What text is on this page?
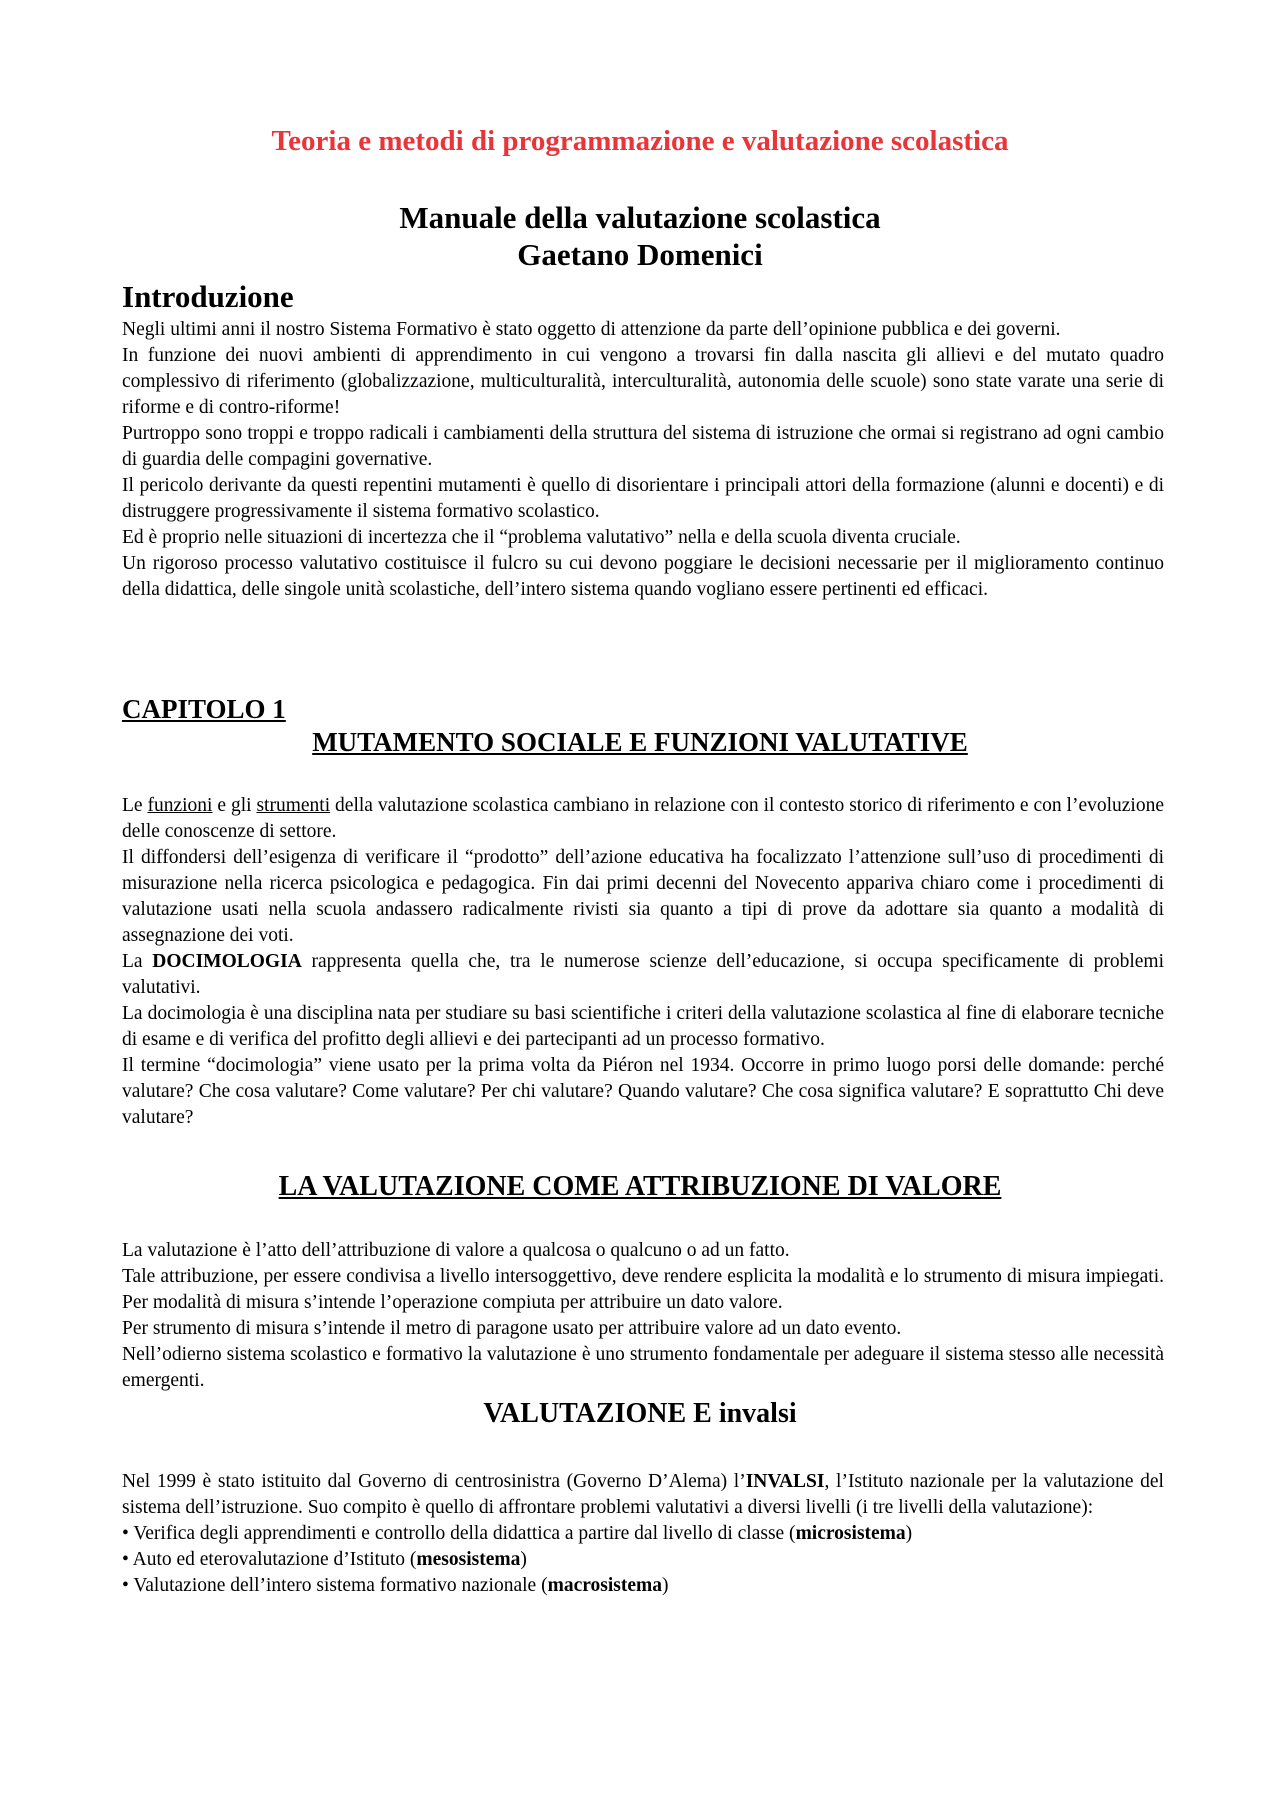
Teoria e metodi di programmazione e valutazione scolastica
Manuale della valutazione scolastica
Gaetano Domenici
Introduzione

Negli ultimi anni il nostro Sistema Formativo è stato oggetto di attenzione da parte dell’opinione pubblica e dei governi.

In funzione dei nuovi ambienti di apprendimento in cui vengono a trovarsi fin dalla nascita gli allievi e del mutato quadro complessivo di riferimento (globalizzazione, multiculturalità, interculturalità, autonomia delle scuole) sono state varate una serie di riforme e di contro-riforme!

Purtroppo sono troppi e troppo radicali i cambiamenti della struttura del sistema di istruzione che ormai si registrano ad ogni cambio di guardia delle compagini governative.

Il pericolo derivante da questi repentini mutamenti è quello di disorientare i principali attori della formazione (alunni e docenti) e di distruggere progressivamente il sistema formativo scolastico.

Ed è proprio nelle situazioni di incertezza che il “problema valutativo” nella e della scuola diventa cruciale.

Un rigoroso processo valutativo costituisce il fulcro su cui devono poggiare le decisioni necessarie per il miglioramento continuo della didattica, delle singole unità scolastiche, dell’intero sistema quando vogliano essere pertinenti ed efficaci.

CAPITOLO 1
MUTAMENTO SOCIALE E FUNZIONI VALUTATIVE

Le funzioni e gli strumenti della valutazione scolastica cambiano in relazione con il contesto storico di riferimento e con l’evoluzione delle conoscenze di settore.

Il diffondersi dell’esigenza di verificare il “prodotto” dell’azione educativa ha focalizzato l’attenzione sull’uso di procedimenti di misurazione nella ricerca psicologica e pedagogica. Fin dai primi decenni del Novecento appariva chiaro come i procedimenti di valutazione usati nella scuola andassero radicalmente rivisti sia quanto a tipi di prove da adottare sia quanto a modalità di assegnazione dei voti.

La DOCIMOLOGIA rappresenta quella che, tra le numerose scienze dell’educazione, si occupa specificamente di problemi valutativi.

La docimologia è una disciplina nata per studiare su basi scientifiche i criteri della valutazione scolastica al fine di elaborare tecniche di esame e di verifica del profitto degli allievi e dei partecipanti ad un processo formativo.

Il termine “docimologia” viene usato per la prima volta da Piéron nel 1934. Occorre in primo luogo porsi delle domande: perché valutare? Che cosa valutare? Come valutare? Per chi valutare? Quando valutare? Che cosa significa valutare? E soprattutto Chi deve valutare?

LA VALUTAZIONE COME ATTRIBUZIONE DI VALORE

La valutazione è l’atto dell’attribuzione di valore a qualcosa o qualcuno o ad un fatto.

Tale attribuzione, per essere condivisa a livello intersoggettivo, deve rendere esplicita la modalità e lo strumento di misura impiegati. Per modalità di misura s’intende l’operazione compiuta per attribuire un dato valore.

Per strumento di misura s’intende il metro di paragone usato per attribuire valore ad un dato evento.

Nell’odierno sistema scolastico e formativo la valutazione è uno strumento fondamentale per adeguare il sistema stesso alle necessità emergenti.

VALUTAZIONE E invalsi

Nel 1999 è stato istituito dal Governo di centrosinistra (Governo D’Alema) l’INVALSI, l’Istituto nazionale per la valutazione del sistema dell’istruzione. Suo compito è quello di affrontare problemi valutativi a diversi livelli (i tre livelli della valutazione):

• Verifica degli apprendimenti e controllo della didattica a partire dal livello di classe (microsistema)

• Auto ed eterovalutazione d’Istituto (mesosistema)

• Valutazione dell’intero sistema formativo nazionale (macrosistema)
